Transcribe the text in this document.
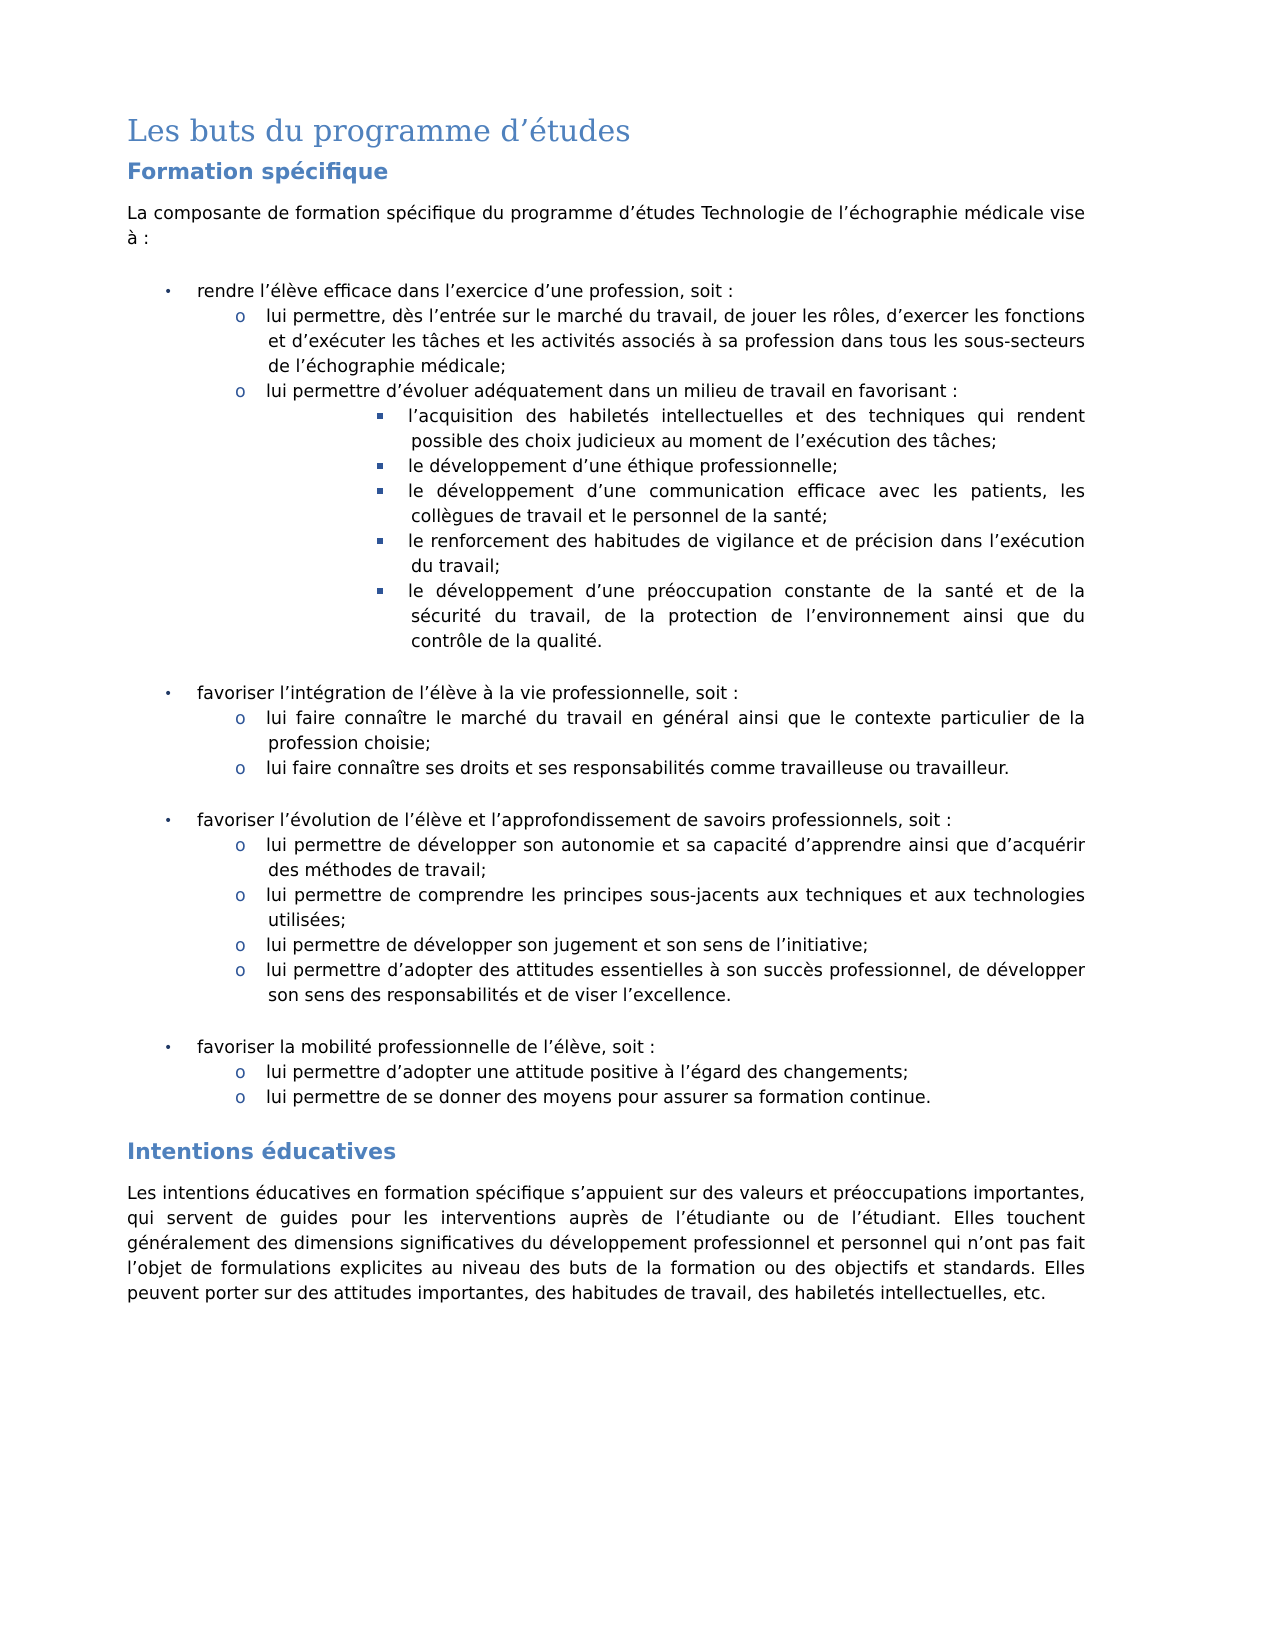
Les buts du programme d’études
Formation spécifique

La composante de formation spécifique du programme d’études Technologie de l’échographie médicale vise à :

• rendre l’élève efficace dans l’exercice d’une profession, soit :
o lui permettre, dès l’entrée sur le marché du travail, de jouer les rôles, d’exercer les fonctions et d’exécuter les tâches et les activités associés à sa profession dans tous les sous-secteurs de l’échographie médicale;
o lui permettre d’évoluer adéquatement dans un milieu de travail en favorisant :
l’acquisition des habiletés intellectuelles et des techniques qui rendent possible des choix judicieux au moment de l’exécution des tâches;
le développement d’une éthique professionnelle;
le développement d’une communication efficace avec les patients, les collègues de travail et le personnel de la santé;
le renforcement des habitudes de vigilance et de précision dans l’exécution du travail;
le développement d’une préoccupation constante de la santé et de la sécurité du travail, de la protection de l’environnement ainsi que du contrôle de la qualité.
• favoriser l’intégration de l’élève à la vie professionnelle, soit :
o lui faire connaître le marché du travail en général ainsi que le contexte particulier de la profession choisie;
o lui faire connaître ses droits et ses responsabilités comme travailleuse ou travailleur.
• favoriser l’évolution de l’élève et l’approfondissement de savoirs professionnels, soit :
o lui permettre de développer son autonomie et sa capacité d’apprendre ainsi que d’acquérir des méthodes de travail;
o lui permettre de comprendre les principes sous-jacents aux techniques et aux technologies utilisées;
o lui permettre de développer son jugement et son sens de l’initiative;
o lui permettre d’adopter des attitudes essentielles à son succès professionnel, de développer son sens des responsabilités et de viser l’excellence.
• favoriser la mobilité professionnelle de l’élève, soit :
o lui permettre d’adopter une attitude positive à l’égard des changements;
o lui permettre de se donner des moyens pour assurer sa formation continue.
Intentions éducatives

Les intentions éducatives en formation spécifique s’appuient sur des valeurs et préoccupations importantes, qui servent de guides pour les interventions auprès de l’étudiante ou de l’étudiant. Elles touchent généralement des dimensions significatives du développement professionnel et personnel qui n’ont pas fait l’objet de formulations explicites au niveau des buts de la formation ou des objectifs et standards. Elles peuvent porter sur des attitudes importantes, des habitudes de travail, des habiletés intellectuelles, etc.
